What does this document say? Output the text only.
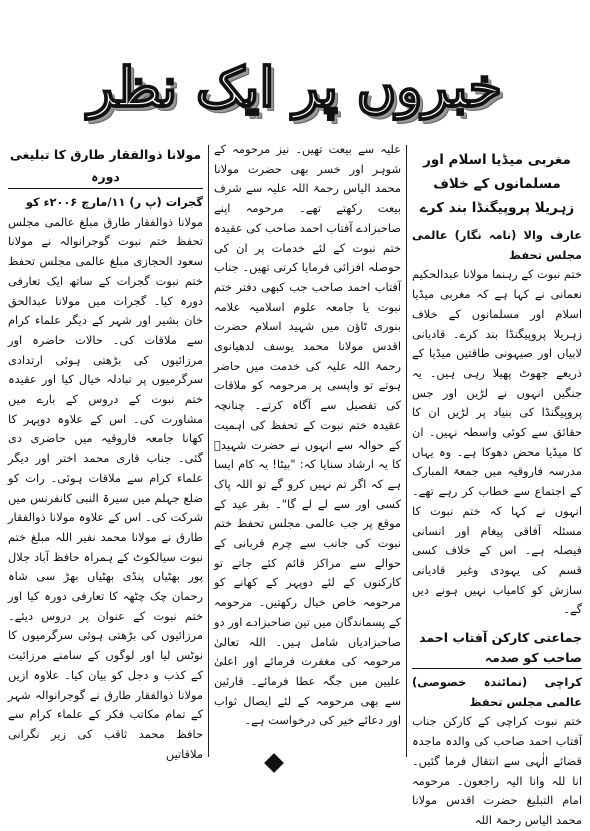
خبروں پر ایک نظر
مغربی میڈیا اسلام اور مسلمانوں کے خلاف زہریلا پروپیگنڈا بند کرے

عارف والا (نامہ نگار) عالمی مجلس تحفظ

ختم نبوت کے رہنما مولانا عبدالحکیم نعمانی نے کہا ہے کہ مغربی میڈیا اسلام اور مسلمانوں کے خلاف زہریلا پروپیگنڈا بند کرے۔ قادیانی لابیاں اور صیہونی طاقتیں میڈیا کے ذریعے جھوٹ پھیلا رہی ہیں۔ یہ جنگیں انہوں نے لڑیں اور جس پروپیگنڈا کی بنیاد پر لڑیں ان کا حقائق سے کوئی واسطہ نہیں۔ ان کا میڈیا محض دھوکا ہے۔ وہ یہاں مدرسہ فاروقیہ میں جمعۃ المبارک کے اجتماع سے خطاب کر رہے تھے۔ انہوں نے کہا کہ ختم نبوت کا مسئلہ آفاقی پیغام اور انسانی فیصلہ ہے۔ اس کے خلاف کسی قسم کی یہودی وغیر قادیانی سازش کو کامیاب نہیں ہونے دیں گے۔

جماعتی کارکن آفتاب احمد صاحب کو صدمہ

کراچی (نمائندہ خصوصی) عالمی مجلس تحفظ

ختم نبوت کراچی کے کارکن جناب آفتاب احمد صاحب کی والدہ ماجدہ قضائے الٰہی سے انتقال فرما گئیں۔ انا للہ وانا الیہ راجعون۔ مرحومہ امام التبلیغ حضرت اقدس مولانا محمد الیاس رحمۃ اللہ

علیہ سے بیعت تھیں۔ نیز مرحومہ کے شوہر اور خسر بھی حضرت مولانا محمد الیاس رحمۃ اللہ علیہ سے شرف بیعت رکھتے تھے۔ مرحومہ اپنے صاحبزادے آفتاب احمد صاحب کی عقیدہ ختم نبوت کے لئے خدمات پر ان کی حوصلہ افزائی فرمایا کرتی تھیں۔ جناب آفتاب احمد صاحب جب کبھی دفتر ختم نبوت یا جامعہ علوم اسلامیہ علامہ بنوری ٹاؤن میں شہید اسلام حضرت اقدس مولانا محمد یوسف لدھیانوی رحمۃ اللہ علیہ کی خدمت میں حاضر ہوتے تو واپسی پر مرحومہ کو ملاقات کی تفصیل سے آگاہ کرتے۔ چنانچہ عقیدہ ختم نبوت کے تحفظ کی اہمیت کے حوالہ سے انہوں نے حضرت شہیدؒ کا یہ ارشاد سنایا کہ: "بیٹا! یہ کام ایسا ہے کہ اگر تم نہیں کرو گے تو اللہ پاک کسی اور سے لے لے گا"۔ بقر عید کے موقع پر جب عالمی مجلس تحفظ ختم نبوت کی جانب سے چرم قربانی کے حوالے سے مراکز قائم کئے جاتے تو کارکنوں کے لئے دوپہر کے کھانے کو مرحومہ خاص خیال رکھتیں۔ مرحومہ کے پسماندگان میں تین صاحبزادے اور دو صاحبزادیاں شامل ہیں۔ اللہ تعالیٰ مرحومہ کی مغفرت فرمائے اور اعلیٰ علیین میں جگہ عطا فرمائے۔ قارئین سے بھی مرحومہ کے لئے ایصال ثواب اور دعائے خیر کی درخواست ہے۔

مولانا ذوالفقار طارق کا تبلیغی دورہ

گجرات (پ ر) ۱۱/مارچ ۲۰۰۶ء کو

مولانا ذوالفقار طارق مبلغ عالمی مجلس تحفظ ختم نبوت گوجرانوالہ نے مولانا سعود الحجازی مبلغ عالمی مجلس تحفظ ختم نبوت گجرات کے ساتھ ایک تعارفی دورہ کیا۔ گجرات میں مولانا عبدالحق خان بشیر اور شہر کے دیگر علماء کرام سے ملاقات کی۔ حالات حاضرہ اور مرزائیوں کی بڑھتی ہوئی ارتدادی سرگرمیوں پر تبادلہ خیال کیا اور عقیدہ ختم نبوت کے دروس کے بارے میں مشاورت کی۔ اس کے علاوہ دوپہر کا کھانا جامعہ فاروقیہ میں حاضری دی گئی۔ جناب قاری محمد اختر اور دیگر علماء کرام سے ملاقات ہوئی۔ رات کو ضلع جہلم میں سیرۃ النبی کانفرنس میں شرکت کی۔ اس کے علاوہ مولانا ذوالفقار طارق نے مولانا محمد نفیر اللہ مبلغ ختم نبوت سیالکوٹ کے ہمراہ حافظ آباد جلال پور بھٹیاں پنڈی بھٹیاں بھڑ سی شاہ رحمان چک چٹھہ کا تعارفی دورہ کیا اور ختم نبوت کے عنوان پر دروس دیئے۔ مرزائیوں کی بڑھتی ہوئی سرگرمیوں کا نوٹس لیا اور لوگوں کے سامنے مرزائیت کے کذب و دجل کو بیان کیا۔ علاوہ ازیں مولانا ذوالفقار طارق نے گوجرانوالہ شہر کے تمام مکاتب فکر کے علماء کرام سے حافظ محمد ثاقب کی زیر نگرانی ملاقاتیں
